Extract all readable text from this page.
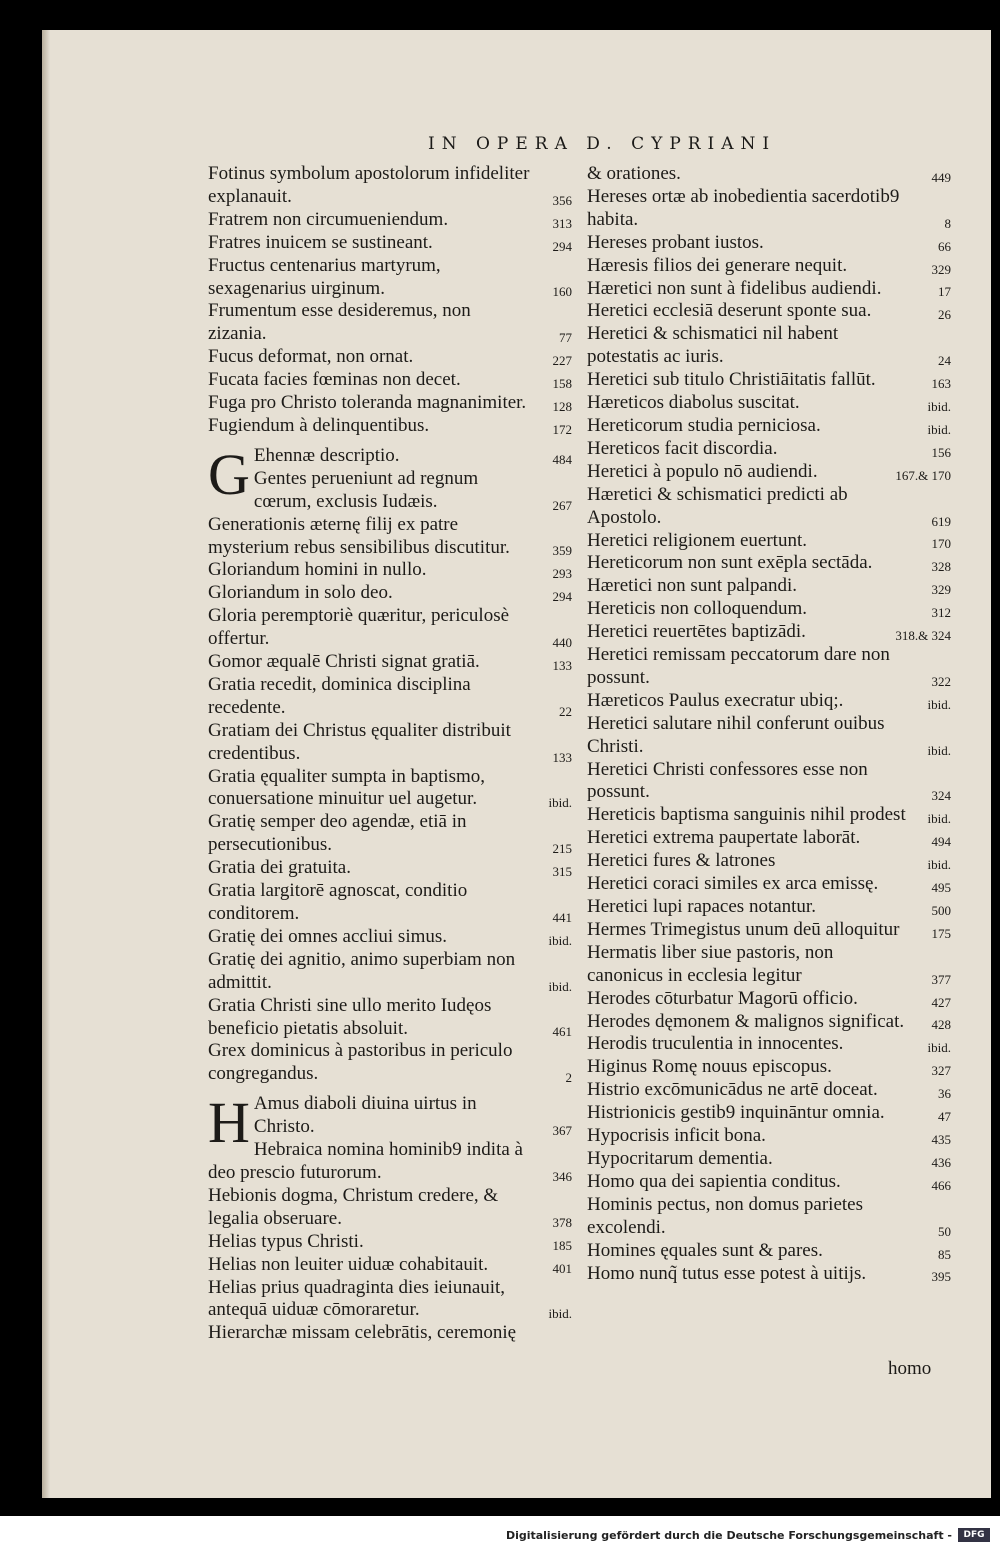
IN OPERA D. CYPRIANI
Fotinus symbolum apostolorum infideliter explanauit.	356
Fratrem non circumueniendum.	313
Fratres inuicem se sustineant.	294
Fructus centenarius martyrum, sexagenarius uirginum.	160
Frumentum esse desideremus, non zizania.	77
Fucus deformat, non ornat.	227
Fucata facies fœminas non decet.	158
Fuga pro Christo toleranda magnanimiter.	128
Fugiendum à delinquentibus.	172
G Ehennæ descriptio.	484
Gentes perueniunt ad regnum cœrum, exclusis Iudæis.	267
Generationis æternę filij ex patre mysterium rebus sensibilibus discutitur.	359
Gloriandum homini in nullo.	293
Gloriandum in solo deo.	294
Gloria peremptoriè quæritur, periculosè offertur.	440
Gomor æqualē Christi signat gratiā.	133
Gratia recedit, dominica disciplina recedente.	22
Gratiam dei Christus ęqualiter distribuit credentibus.	133
Gratia ęqualiter sumpta in baptismo, conuersatione minuitur uel augetur.	ibid.
Gratię semper deo agendæ, etiā in persecutionibus.	215
Gratia dei gratuita.	315
Gratia largitorē agnoscat, conditio conditorem.	441
Gratię dei omnes accliui simus.	ibid.
Gratię dei agnitio, animo superbiam non admittit.	ibid.
Gratia Christi sine ullo merito Iudęos beneficio pietatis absoluit.	461
Grex dominicus à pastoribus in periculo congregandus.	2
H Amus diaboli diuina uirtus in Christo.	367
Hebraica nomina hominib9 indita à deo prescio futurorum.	346
Hebionis dogma, Christum credere, & legalia obseruare.	378
Helias typus Christi.	185
Helias non leuiter uiduæ cohabitauit.	401
Helias prius quadraginta dies ieiunauit, antequā uiduæ cōmoraretur.	ibid.
Hierarchæ missam celebrātis, ceremonię
& orationes.	449
Hereses ortæ ab inobedientia sacerdotib9 habita.	8
Hereses probant iustos.	66
Hæresis filios dei generare nequit.	329
Hæretici non sunt à fidelibus audiendi.	17
Heretici ecclesiā deserunt sponte sua.	26
Heretici & schismatici nil habent potestatis ac iuris.	24
Heretici sub titulo Christiāitatis fallūt.	163
Hæreticos diabolus suscitat.	ibid.
Hereticorum studia perniciosa.	ibid.
Hereticos facit discordia.	156
Heretici à populo nō audiendi.	167.& 170
Hæretici & schismatici predicti ab Apostolo.	619
Heretici religionem euertunt.	170
Hereticorum non sunt exēpla sectāda.	328
Hæretici non sunt palpandi.	329
Hereticis non colloquendum.	312
Heretici reuertētes baptizādi.	318.& 324
Heretici remissam peccatorum dare non possunt.	322
Hæreticos Paulus execratur ubiq;.	ibid.
Heretici salutare nihil conferunt ouibus Christi.	ibid.
Heretici Christi confessores esse non possunt.	324
Hereticis baptisma sanguinis nihil prodest	ibid.
Heretici extrema paupertate laborāt.	494
Heretici fures & latrones	ibid.
Heretici coraci similes ex arca emissę.	495
Heretici lupi rapaces notantur.	500
Hermes Trimegistus unum deū alloquitur	175
Hermatis liber siue pastoris, non canonicus in ecclesia legitur	377
Herodes cōturbatur Magorū officio.	427
Herodes dęmonem & malignos significat.	428
Herodis truculentia in innocentes.	ibid.
Higinus Romę nouus episcopus.	327
Histrio excōmunicādus ne artē doceat.	36
Histrionicis gestib9 inquināntur omnia.	47
Hypocrisis inficit bona.	435
Hypocritarum dementia.	436
Homo qua dei sapientia conditus.	466
Hominis pectus, non domus parietes excolendi.	50
Homines ęquales sunt & pares.	85
Homo nunq̃ tutus esse potest à uitijs.	395
homo
Digitalisierung gefördert durch die Deutsche Forschungsgemeinschaft -	DFG
